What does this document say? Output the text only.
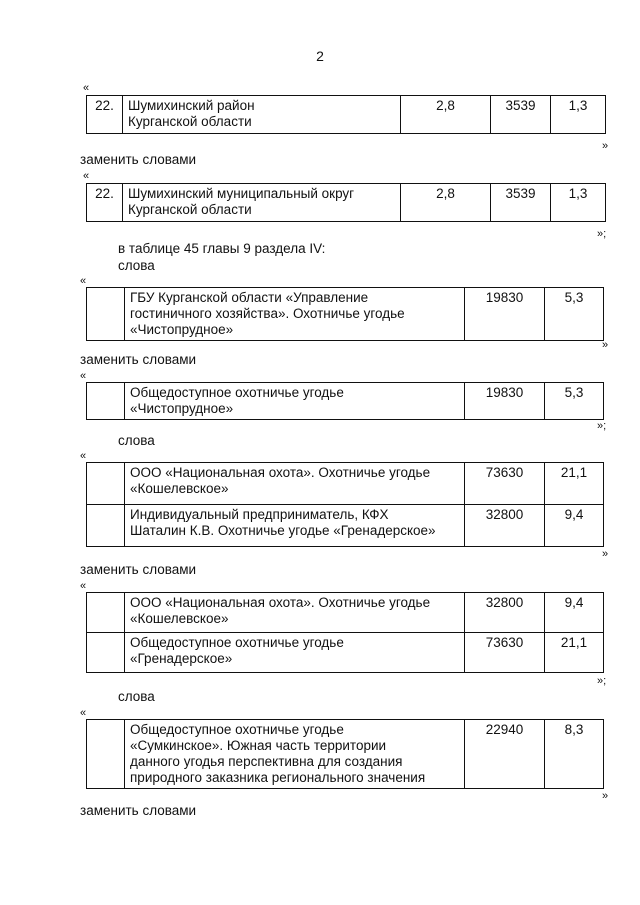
2
«
22.	Шумихинский район
Курганской области	2,8	3539	1,3
»
заменить словами
«
22.	Шумихинский муниципальный округ
Курганской области	2,8	3539	1,3
»;
в таблице 45 главы 9 раздела IV:
слова
«
	ГБУ Курганской области «Управление
гостиничного хозяйства». Охотничье угодье
«Чистопрудное»	19830	5,3
»
заменить словами
«
	Общедоступное охотничье угодье
«Чистопрудное»	19830	5,3
»;
слова
«
	ООО «Национальная охота». Охотничье угодье
«Кошелевское»	73630	21,1
	Индивидуальный предприниматель, КФХ
Шаталин К.В. Охотничье угодье «Гренадерское»	32800	9,4
»
заменить словами
«
	ООО «Национальная охота». Охотничье угодье
«Кошелевское»	32800	9,4
	Общедоступное охотничье угодье
«Гренадерское»	73630	21,1
»;
слова
«
	Общедоступное охотничье угодье
«Сумкинское». Южная часть территории
данного угодья перспективна для создания
природного заказника регионального значения	22940	8,3
»
заменить словами
